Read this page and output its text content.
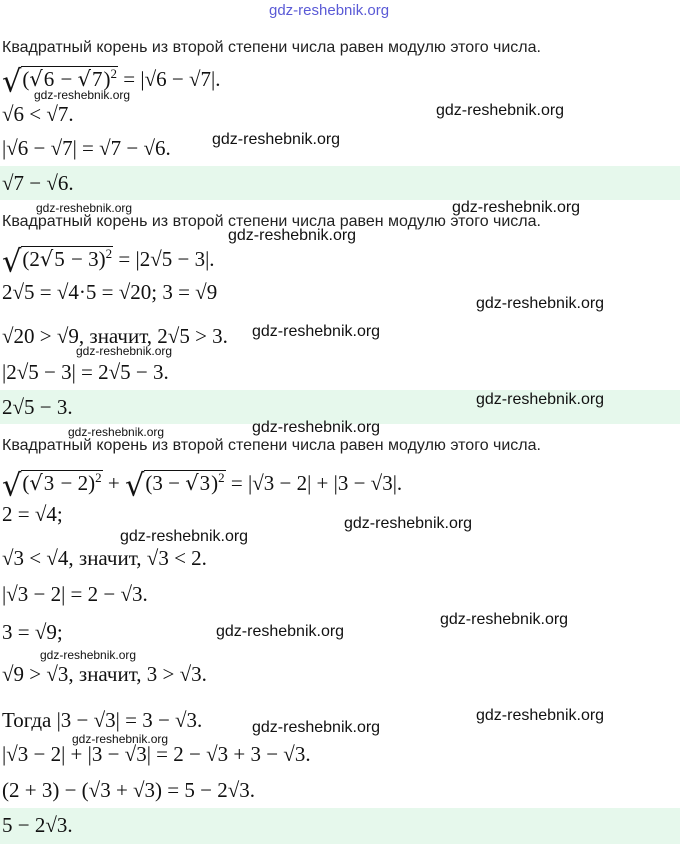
gdz-reshebnik.org
Квадратный корень из второй степени числа равен модулю этого числа.
$√(√6 - √7)^2 = |√6 - √7|$.
√6 < √7.
|√6 − √7| = √7 − √6.
√7 − √6.
Квадратный корень из второй степени числа равен модулю этого числа.
$√(2√5 - 3)^2 = |2√5 - 3|$.
2√5 = √4·5 = √20; 3 = √9
√20 > √9, значит, 2√5 > 3.
|2√5 − 3| = 2√5 − 3.
2√5 − 3.
Квадратный корень из второй степени числа равен модулю этого числа.
$√(√3 - 2)^2 + √(3 - √3)^2 = |√3 - 2| + |3 - √3|$.
2 = √4;
√3 < √4, значит, √3 < 2.
|√3 − 2| = 2 − √3.
3 = √9;
√9 > √3, значит, 3 > √3.
Тогда |3 − √3| = 3 − √3.
|√3 − 2| + |3 − √3| = 2 − √3 + 3 − √3.
(2 + 3) − (√3 + √3) = 5 − 2√3.
5 − 2√3.
gdz-reshebnik.org
gdz-reshebnik.org
gdz-reshebnik.org
gdz-reshebnik.org	gdz-reshebnik.org
gdz-reshebnik.org
gdz-reshebnik.org
gdz-reshebnik.org
gdz-reshebnik.org
gdz-reshebnik.org
gdz-reshebnik.org	gdz-reshebnik.org
gdz-reshebnik.org
gdz-reshebnik.org
gdz-reshebnik.org
gdz-reshebnik.org
gdz-reshebnik.org
gdz-reshebnik.org
gdz-reshebnik.org
gdz-reshebnik.org
